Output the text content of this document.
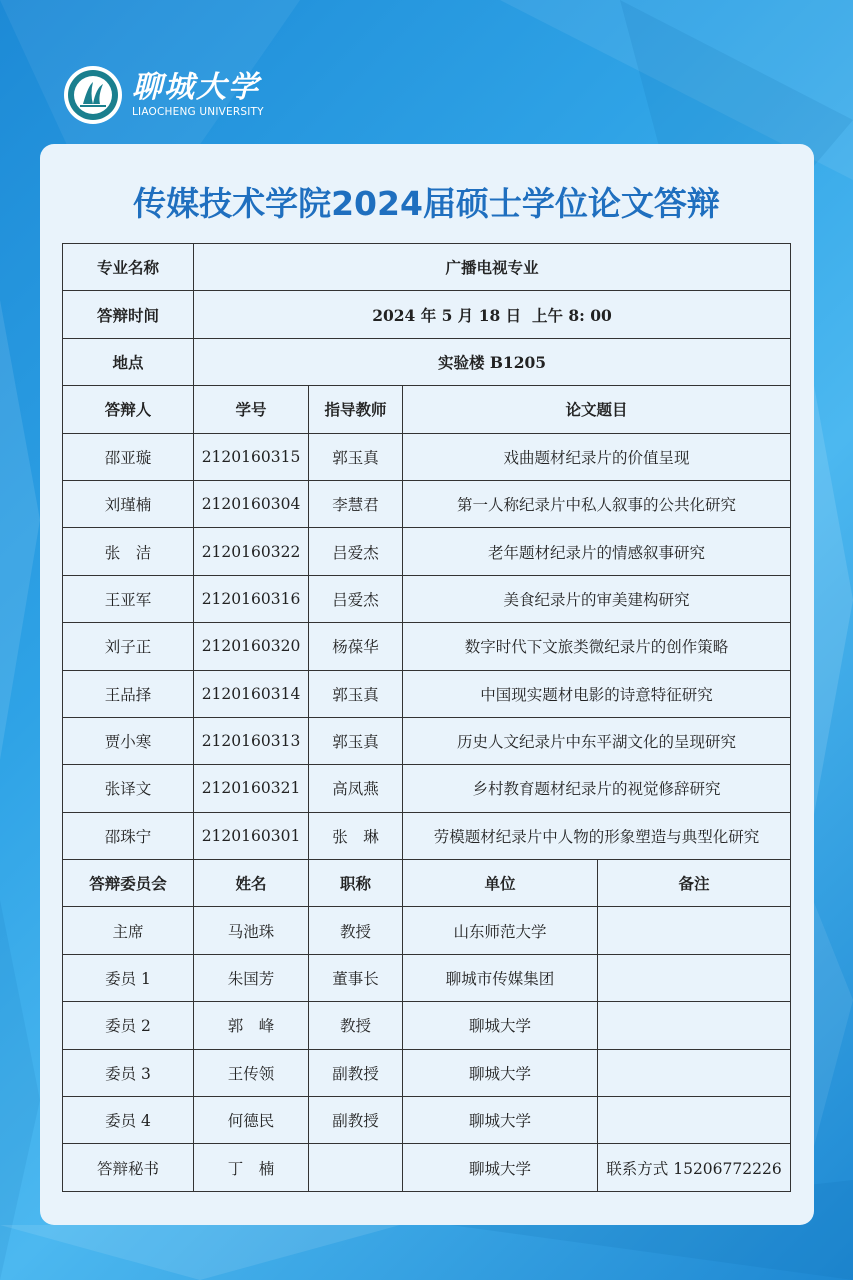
聊城大学
LIAOCHENG UNIVERSITY
传媒技术学院2024届硕士学位论文答辩
专业名称	广播电视专业			
答辩时间	2024 年 5 月 18 日  上午 8: 00			
地点	实验楼 B1205			
答辩人	学号	指导教师	论文题目	
邵亚璇	2120160315	郭玉真	戏曲题材纪录片的价值呈现	
刘瑾楠	2120160304	李慧君	第一人称纪录片中私人叙事的公共化研究	
张　洁	2120160322	吕爱杰	老年题材纪录片的情感叙事研究	
王亚军	2120160316	吕爱杰	美食纪录片的审美建构研究	
刘子正	2120160320	杨葆华	数字时代下文旅类微纪录片的创作策略	
王品择	2120160314	郭玉真	中国现实题材电影的诗意特征研究	
贾小寒	2120160313	郭玉真	历史人文纪录片中东平湖文化的呈现研究	
张译文	2120160321	高凤燕	乡村教育题材纪录片的视觉修辞研究	
邵珠宁	2120160301	张　琳	劳模题材纪录片中人物的形象塑造与典型化研究	
答辩委员会	姓名	职称	单位	备注
主席	马池珠	教授	山东师范大学	
委员 1	朱国芳	董事长	聊城市传媒集团	
委员 2	郭　峰	教授	聊城大学	
委员 3	王传领	副教授	聊城大学	
委员 4	何德民	副教授	聊城大学	
答辩秘书	丁　楠		聊城大学	联系方式 15206772226
